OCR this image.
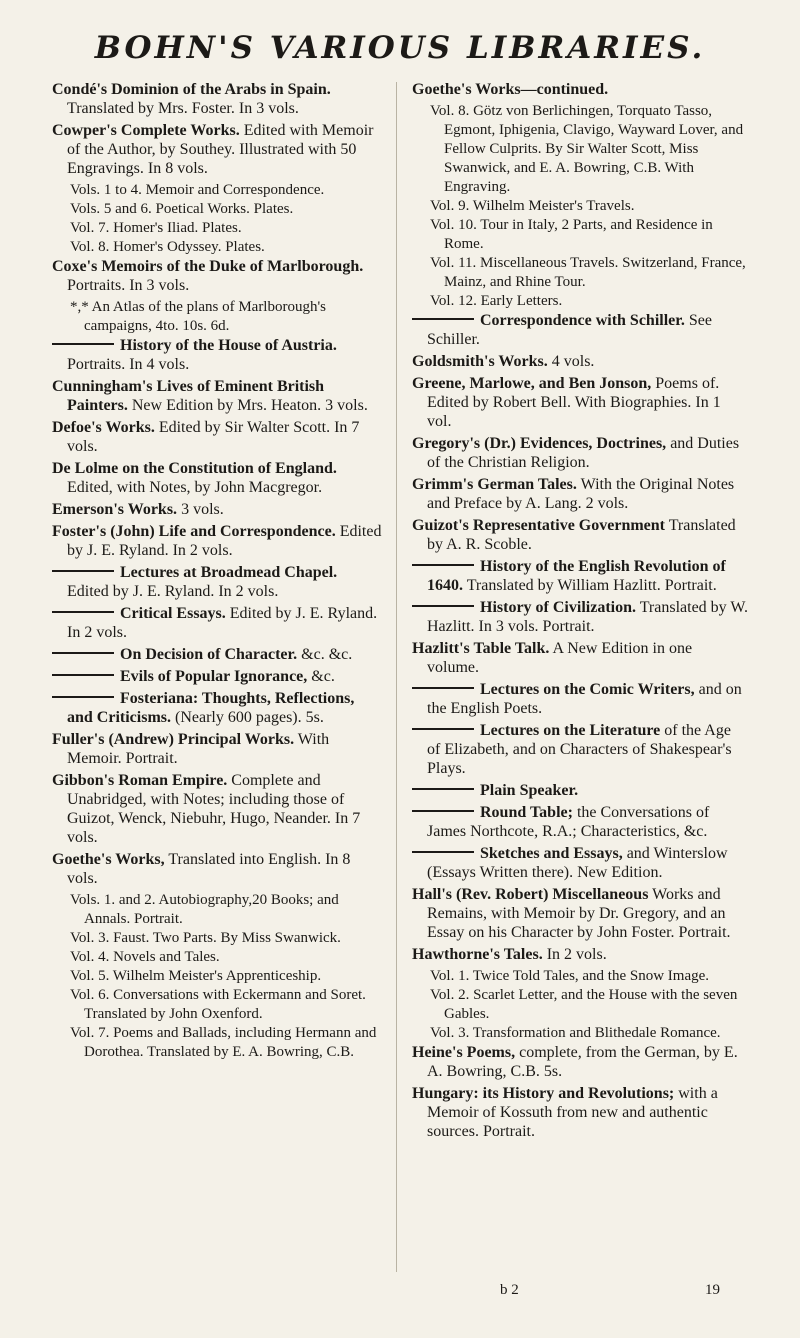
BOHN'S VARIOUS LIBRARIES.
Condé's Dominion of the Arabs in Spain. Translated by Mrs. Foster. In 3 vols.
Cowper's Complete Works. Edited with Memoir of the Author, by Southey. Illustrated with 50 Engravings. In 8 vols.
Vols. 1 to 4. Memoir and Correspondence.
Vols. 5 and 6. Poetical Works. Plates.
Vol. 7. Homer's Iliad. Plates.
Vol. 8. Homer's Odyssey. Plates.
Coxe's Memoirs of the Duke of Marlborough. Portraits. In 3 vols.
*,* An Atlas of the plans of Marlborough's campaigns, 4to. 10s. 6d.
History of the House of Austria. Portraits. In 4 vols.
Cunningham's Lives of Eminent British Painters. New Edition by Mrs. Heaton. 3 vols.
Defoe's Works. Edited by Sir Walter Scott. In 7 vols.
De Lolme on the Constitution of England. Edited, with Notes, by John Macgregor.
Emerson's Works. 3 vols.
Foster's (John) Life and Correspondence. Edited by J. E. Ryland. In 2 vols.
Lectures at Broadmead Chapel. Edited by J. E. Ryland. In 2 vols.
Critical Essays. Edited by J. E. Ryland. In 2 vols.
On Decision of Character. &c. &c.
Evils of Popular Ignorance, &c.
Fosteriana: Thoughts, Reflections, and Criticisms. (Nearly 600 pages). 5s.
Fuller's (Andrew) Principal Works. With Memoir. Portrait.
Gibbon's Roman Empire. Complete and Unabridged, with Notes; including those of Guizot, Wenck, Niebuhr, Hugo, Neander. In 7 vols.
Goethe's Works, Translated into English. In 8 vols.
Vols. 1. and 2. Autobiography,20 Books; and Annals. Portrait.
Vol. 3. Faust. Two Parts. By Miss Swanwick.
Vol. 4. Novels and Tales.
Vol. 5. Wilhelm Meister's Apprenticeship.
Vol. 6. Conversations with Eckermann and Soret. Translated by John Oxenford.
Vol. 7. Poems and Ballads, including Hermann and Dorothea. Translated by E. A. Bowring, C.B.
Goethe's Works—continued.
Vol. 8. Götz von Berlichingen, Torquato Tasso, Egmont, Iphigenia, Clavigo, Wayward Lover, and Fellow Culprits. By Sir Walter Scott, Miss Swanwick, and E. A. Bowring, C.B. With Engraving.
Vol. 9. Wilhelm Meister's Travels.
Vol. 10. Tour in Italy, 2 Parts, and Residence in Rome.
Vol. 11. Miscellaneous Travels. Switzerland, France, Mainz, and Rhine Tour.
Vol. 12. Early Letters.
Correspondence with Schiller. See Schiller.
Goldsmith's Works. 4 vols.
Greene, Marlowe, and Ben Jonson, Poems of. Edited by Robert Bell. With Biographies. In 1 vol.
Gregory's (Dr.) Evidences, Doctrines, and Duties of the Christian Religion.
Grimm's German Tales. With the Original Notes and Preface by A. Lang. 2 vols.
Guizot's Representative Government Translated by A. R. Scoble.
History of the English Revolution of 1640. Translated by William Hazlitt. Portrait.
History of Civilization. Translated by W. Hazlitt. In 3 vols. Portrait.
Hazlitt's Table Talk. A New Edition in one volume.
Lectures on the Comic Writers, and on the English Poets.
Lectures on the Literature of the Age of Elizabeth, and on Characters of Shakespear's Plays.
Plain Speaker.
Round Table; the Conversations of James Northcote, R.A.; Characteristics, &c.
Sketches and Essays, and Winterslow (Essays Written there). New Edition.
Hall's (Rev. Robert) Miscellaneous Works and Remains, with Memoir by Dr. Gregory, and an Essay on his Character by John Foster. Portrait.
Hawthorne's Tales. In 2 vols.
Vol. 1. Twice Told Tales, and the Snow Image.
Vol. 2. Scarlet Letter, and the House with the seven Gables.
Vol. 3. Transformation and Blithedale Romance.
Heine's Poems, complete, from the German, by E. A. Bowring, C.B. 5s.
Hungary: its History and Revolutions; with a Memoir of Kossuth from new and authentic sources. Portrait.
b 2	19
